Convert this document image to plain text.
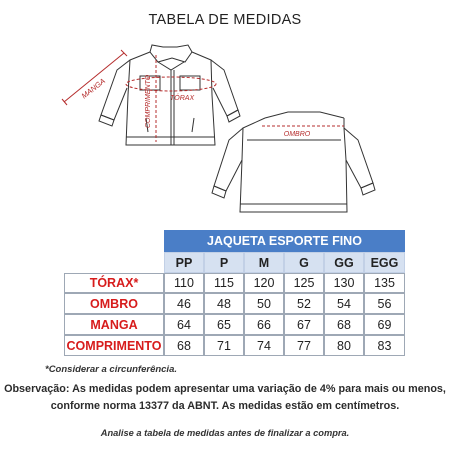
TABELA DE MEDIDAS
MANGA	COMPRIMENTO	TÓRAX
OMBRO
JAQUETA ESPORTE FINO
PP	P	M	G	GG	EGG
TÓRAX*	110	115	120	125	130	135
OMBRO	46	48	50	52	54	56
MANGA	64	65	66	67	68	69
COMPRIMENTO	68	71	74	77	80	83
*Considerar a circunferência.
Observação: As medidas podem apresentar uma variação de 4% para mais ou menos,
conforme norma 13377 da ABNT. As medidas estão em centímetros.
Analise a tabela de medidas antes de finalizar a compra.
